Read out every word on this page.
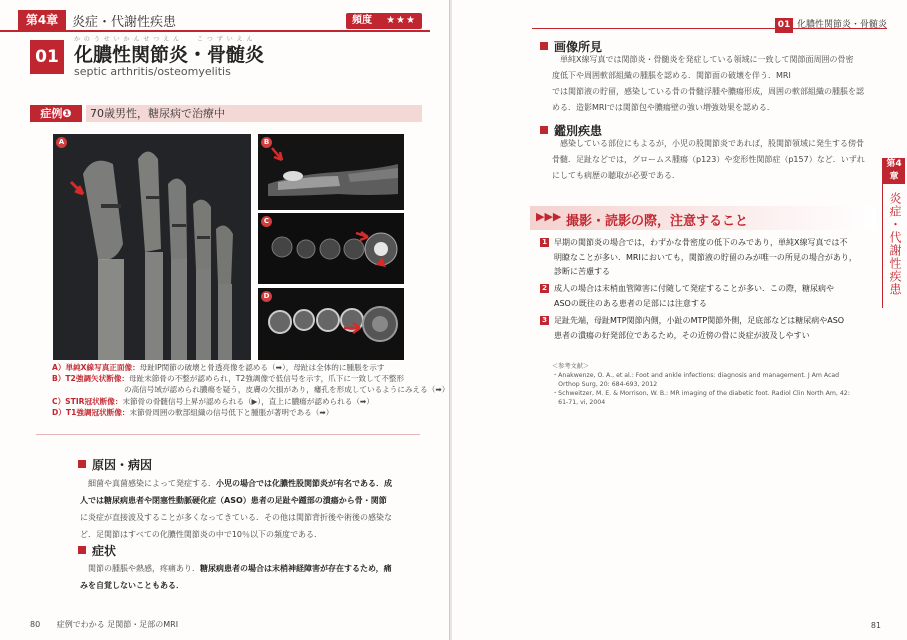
第4章	炎症・代謝性疾患	頻度 ★★★
01
か の う せ い か ん せ つ え ん　　 こ つ ず い え ん
化膿性関節炎・骨髄炎
septic arthritis/osteomyelitis
症例❶	70歳男性，糖尿病で治療中
A	B
C
D
A）単純X線写真正面像：母趾IP関節の破壊と骨透亮像を認める（➡），母趾は全体的に腫脹を示す
B）T2強調矢状断像：母趾末節骨の不整が認められ，T2強調像で低信号を示す，爪下に一致して不整形
の高信号域が認められ膿瘍を疑う，皮膚の欠損があり，瘻孔を形成しているようにみえる（➡）
C）STIR冠状断像：末節骨の骨髄信号上昇が認められる（▶），直上に膿瘍が認められる（➡）
D）T1強調冠状断像：末節骨周囲の軟部組織の信号低下と腫脹が著明である（➡）
原因・病因
　細菌や真菌感染によって発症する．小児の場合では化膿性股関節炎が有名である．成
人では糖尿病患者や閉塞性動脈硬化症（ASO）患者の足趾や踵部の潰瘍から骨・関節
に炎症が直接波及することが多くなってきている．その他は関節背折後や術後の感染な
ど．足関節はすべての化膿性関節炎の中で10％以下の頻度である．
症状
　関節の腫脹や熱感，疼痛あり．糖尿病患者の場合は末梢神経障害が存在するため，痛
みを自覚しないこともある．
80 症例でわかる 足関節・足部のMRI
01 化膿性関節炎・骨髄炎
画像所見
　単純X線写真では関節炎・骨髄炎を発症している領域に一致して関節面周囲の骨密
度低下や周囲軟部組織の腫脹を認める．関節面の破壊を伴う．MRI
では関節液の貯留，感染している骨の骨髄浮腫や膿瘍形成，周囲の軟部組織の腫脹を認
める．造影MRIでは関節包や膿瘍壁の強い増強効果を認める．
鑑別疾患
　感染している部位にもよるが，小児の股関節炎であれば，股関節領域に発生する傍骨
骨髄．足趾などでは，グロームス腫瘍（p123）や変形性関節症（p157）など．いずれ
にしても病歴の聴取が必要である．
▶▶▶ 撮影・読影の際，注意すること
1 早期の関節炎の場合では，わずかな骨密度の低下のみであり，単純X線写真では不
明瞭なことが多い．MRIにおいても，関節液の貯留のみが唯一の所見の場合があり，
診断に苦慮する
2 成人の場合は末梢血管障害に付随して発症することが多い．この際，糖尿病や
ASOの既往のある患者の足部には注意する
3 足趾先端，母趾MTP関節内側，小趾のMTP関節外側，足底部などは糖尿病やASO
患者の潰瘍の好発部位であるため，その近傍の骨に炎症が波及しやすい
＜参考文献＞
・Anakwenze, O. A., et al.: Foot and ankle infections: diagnosis and management. J Am Acad
　Orthop Surg, 20: 684-693, 2012
・Schweitzer, M. E. & Morrison, W. B.: MR imaging of the diabetic foot. Radiol Clin North Am, 42:
　61-71, vi, 2004
第4章
炎症・代謝性疾患
81
